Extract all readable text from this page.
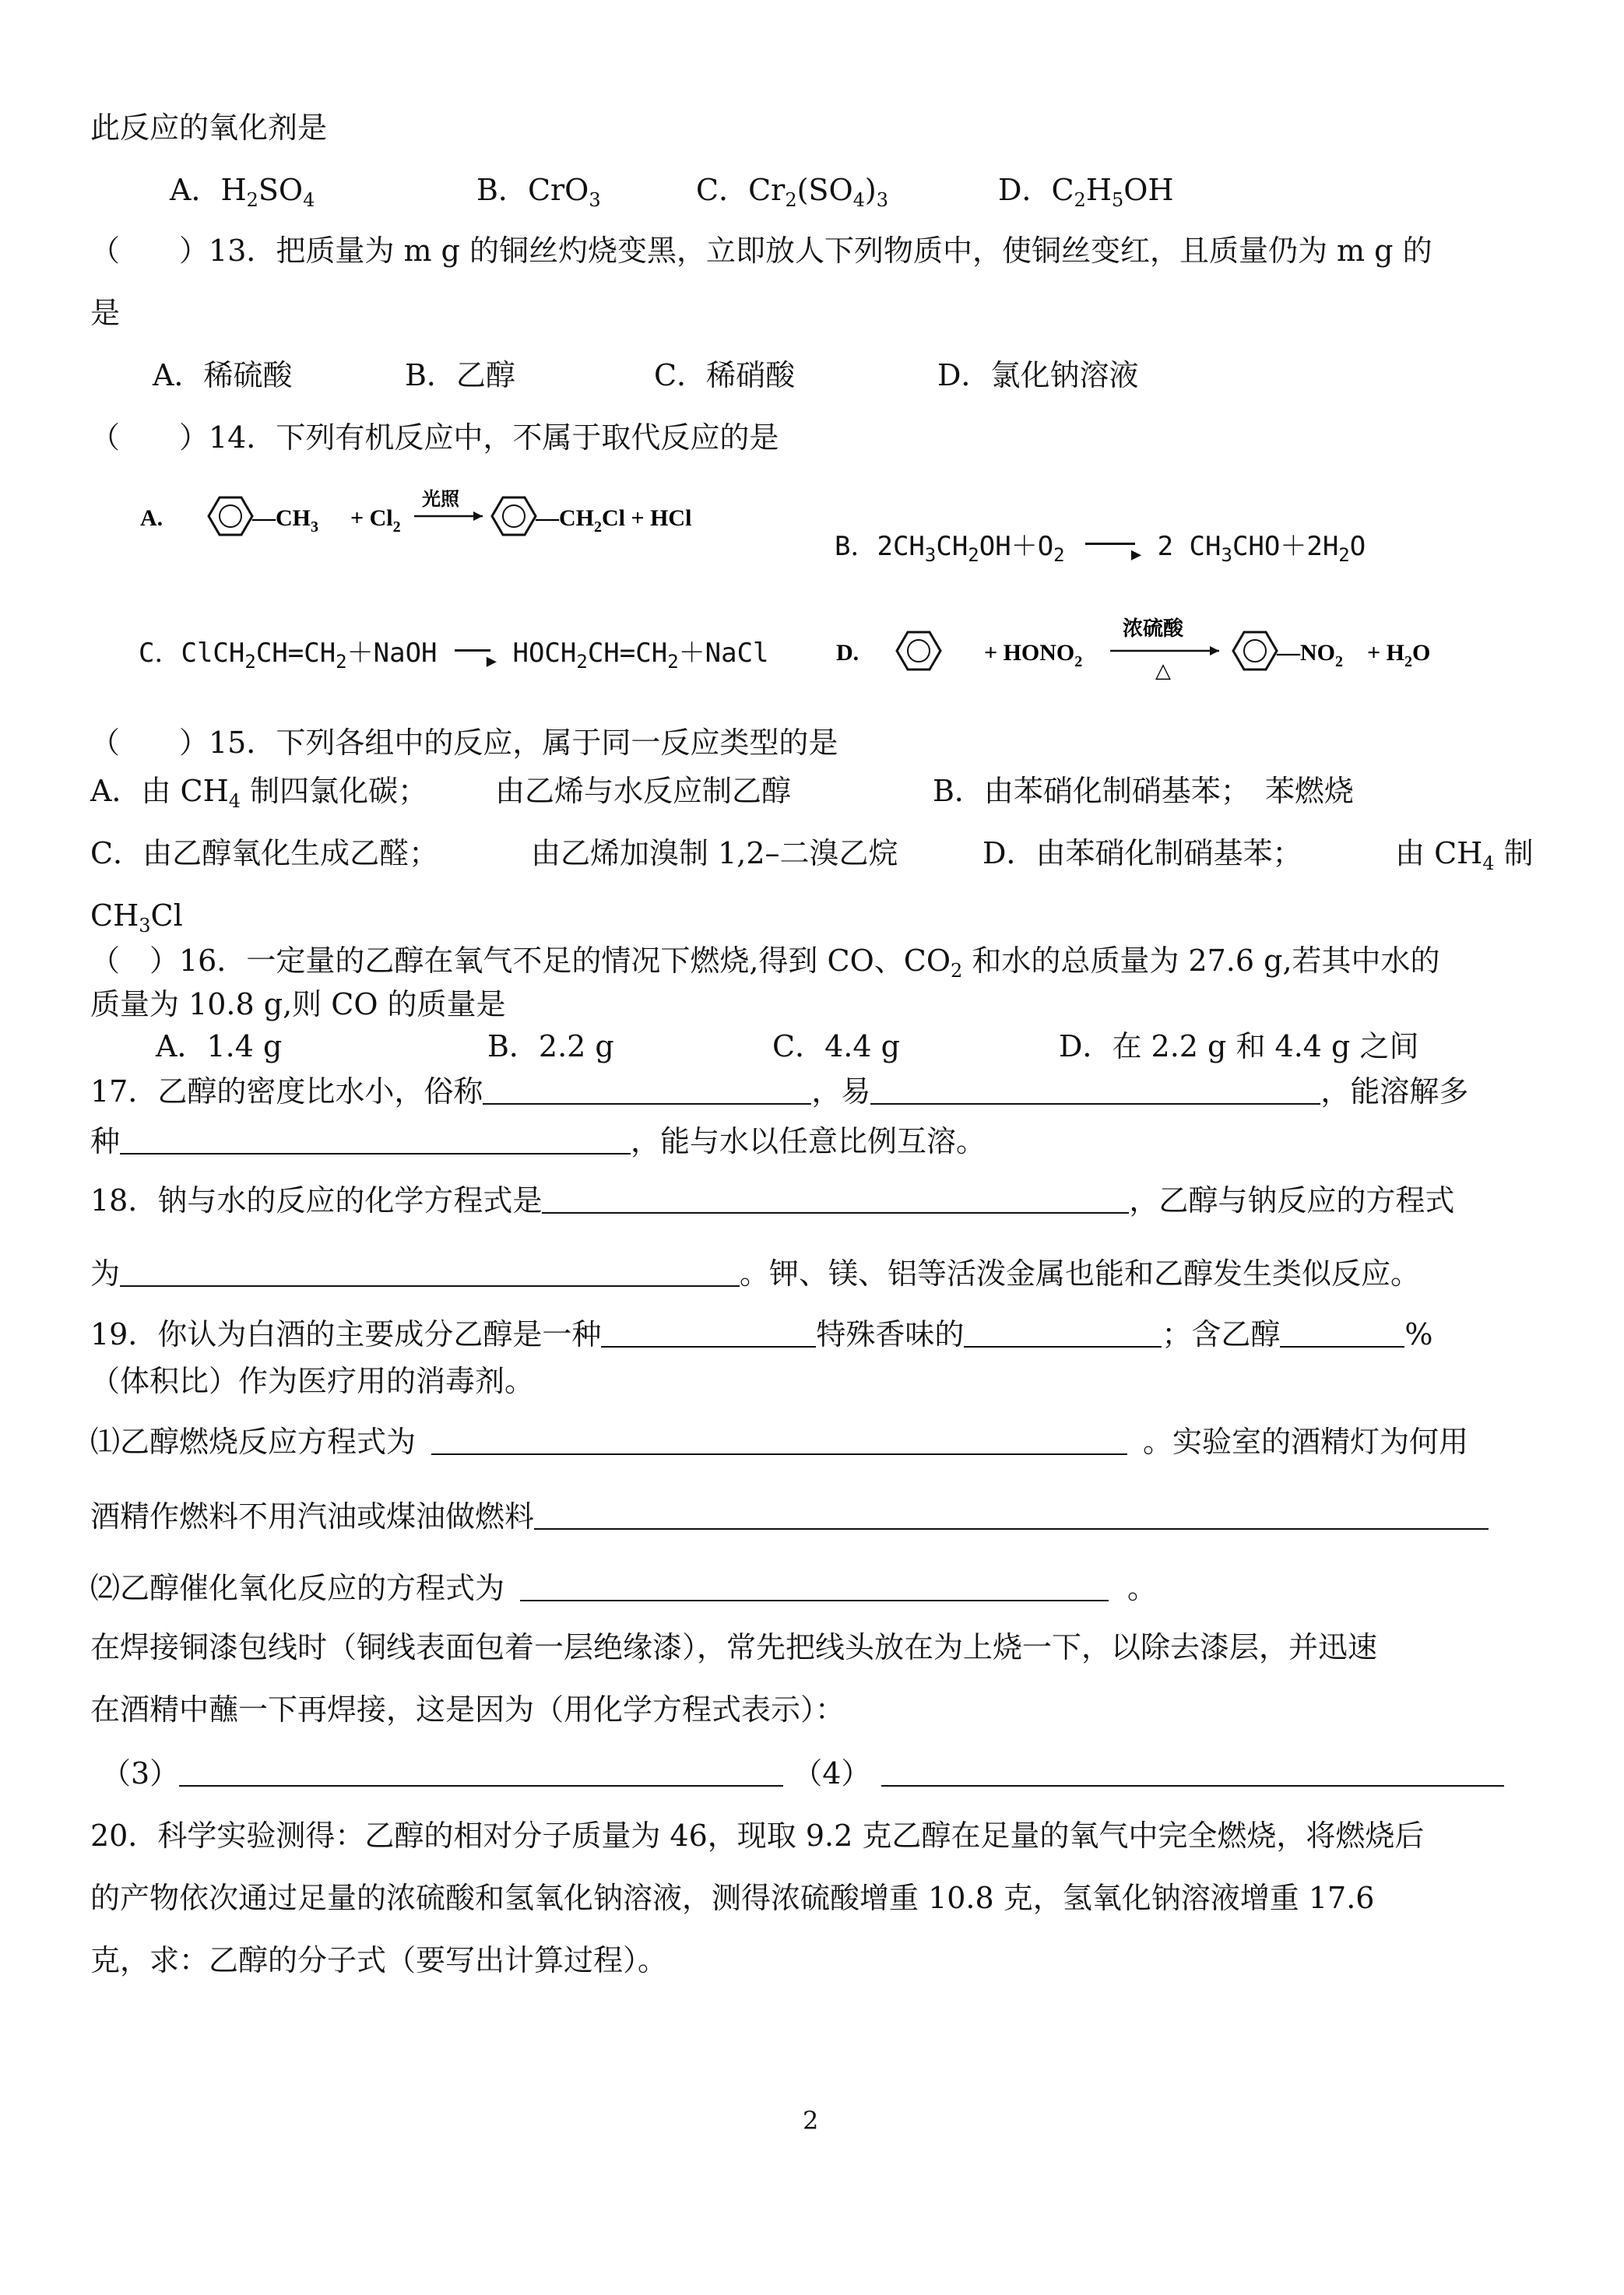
此反应的氧化剂是
A．$H_2SO_4$	B．CrO$_3$	C．$Cr_2(SO_4)_3$	D．$C_2H_5OH$
（　　）13．把质量为 m g 的铜丝灼烧变黑，立即放人下列物质中，使铜丝变红，且质量仍为 m g 的
是
A．稀硫酸	B．乙醇	C．稀硝酸	D．氯化钠溶液
（　　）14．下列有机反应中，不属于取代反应的是
A.	$—CH_3 + Cl_2$
光照
$—CH_2Cl$ + HCl
B．$2CH_3CH_2OH+O_2$	▶ 2 $CH_3CHO+2H_2O$
C．$ClCH_2CH=CH_2+NaOH$	▶ $HOCH_2CH=CH_2+NaCl$	D.	+ $HONO_2$
浓硫酸
△
$—NO_2 + H_2O$
（　　）15．下列各组中的反应，属于同一反应类型的是
A．由 $CH_4$ 制四氯化碳； 由乙烯与水反应制乙醇	B．由苯硝化制硝基苯；　苯燃烧
C．由乙醇氧化生成乙醛；	由乙烯加溴制 1,2–二溴乙烷	D．由苯硝化制硝基苯；	由 $CH_4$ 制
$CH_3Cl$
（　）16．一定量的乙醇在氧气不足的情况下燃烧,得到 CO、$CO_2$ 和水的总质量为 27.6 g,若其中水的
质量为 10.8 g,则 CO 的质量是
A．1.4 g	B．2.2 g	C．4.4 g	D．在 2.2 g 和 4.4 g 之间
17．乙醇的密度比水小，俗称	，易	，能溶解多
种	，能与水以任意比例互溶。
18．钠与水的反应的化学方程式是	，乙醇与钠反应的方程式
为	。钾、镁、铝等活泼金属也能和乙醇发生类似反应。
19．你认为白酒的主要成分乙醇是一种	特殊香味的	；含乙醇	%
（体积比）作为医疗用的消毒剂。
⑴乙醇燃烧反应方程式为	。实验室的酒精灯为何用
酒精作燃料不用汽油或煤油做燃料
⑵乙醇催化氧化反应的方程式为	。
在焊接铜漆包线时（铜线表面包着一层绝缘漆），常先把线头放在为上烧一下，以除去漆层，并迅速
在酒精中蘸一下再焊接，这是因为（用化学方程式表示）：
（3）	（4）
20．科学实验测得：乙醇的相对分子质量为 46，现取 9.2 克乙醇在足量的氧气中完全燃烧，将燃烧后
的产物依次通过足量的浓硫酸和氢氧化钠溶液，测得浓硫酸增重 10.8 克，氢氧化钠溶液增重 17.6
克，求：乙醇的分子式（要写出计算过程）。
2
